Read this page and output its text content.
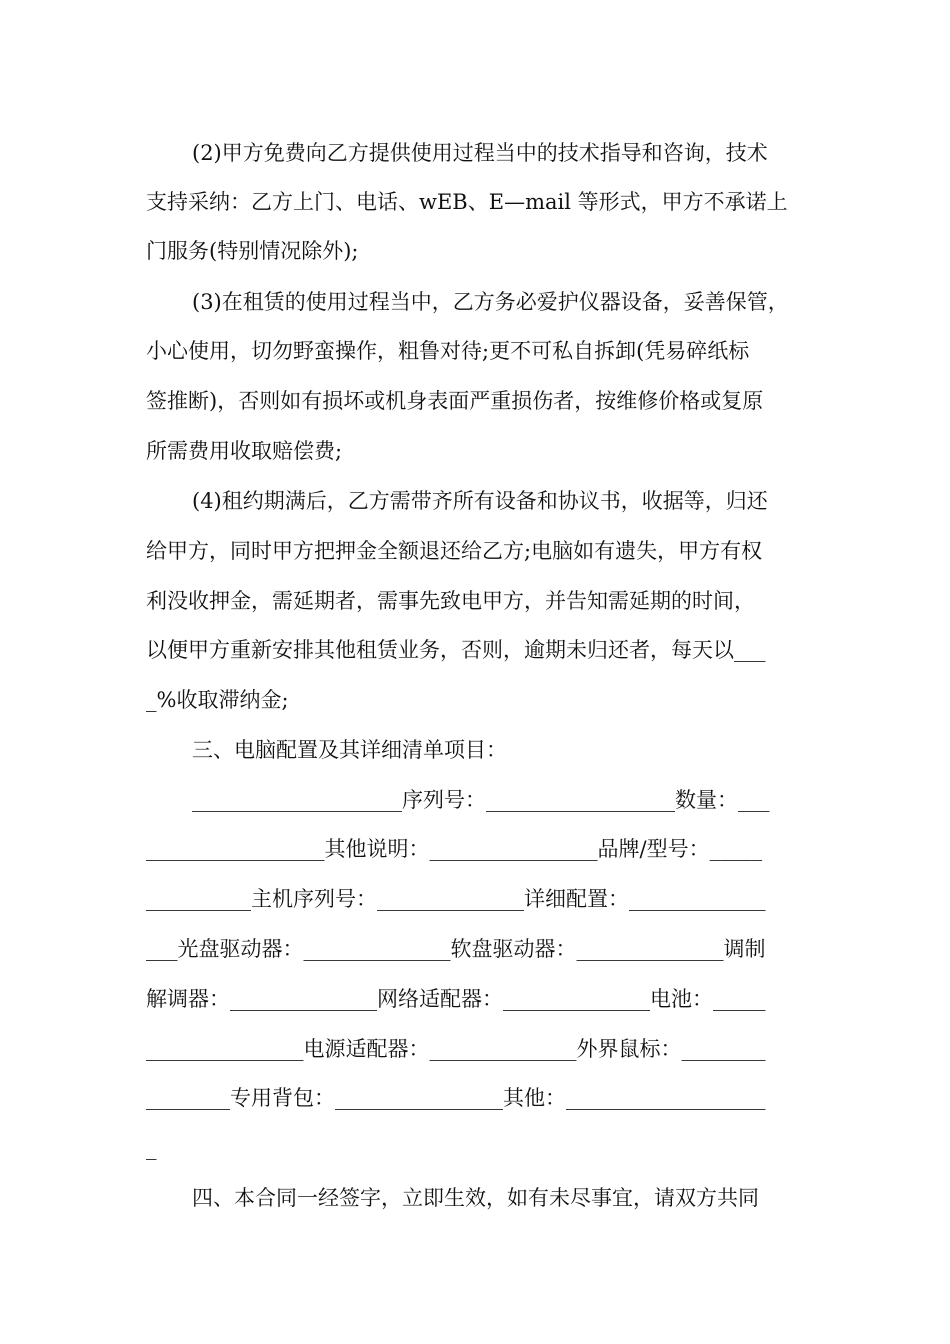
(2)甲方免费向乙方提供使用过程当中的技术指导和咨询，技术
支持采纳：乙方上门、电话、wEB、E—mail 等形式，甲方不承诺上
门服务(特别情况除外);
(3)在租赁的使用过程当中，乙方务必爱护仪器设备，妥善保管，
小心使用，切勿野蛮操作，粗鲁对待;更不可私自拆卸(凭易碎纸标
签推断)，否则如有损坏或机身表面严重损伤者，按维修价格或复原
所需费用收取赔偿费;
(4)租约期满后，乙方需带齐所有设备和协议书，收据等，归还
给甲方，同时甲方把押金全额退还给乙方;电脑如有遗失，甲方有权
利没收押金，需延期者，需事先致电甲方，并告知需延期的时间，
以便甲方重新安排其他租赁业务，否则，逾期未归还者，每天以___
_%收取滞纳金;
三、电脑配置及其详细清单项目：
____________________序列号：__________________数量：___
_________________其他说明：________________品牌/型号：_____
__________主机序列号：______________详细配置：_____________
___光盘驱动器：______________软盘驱动器：______________调制
解调器：______________网络适配器：______________电池：_____
_______________电源适配器：______________外界鼠标：________
________专用背包：________________其他：___________________
_
四、本合同一经签字，立即生效，如有未尽事宜，请双方共同
